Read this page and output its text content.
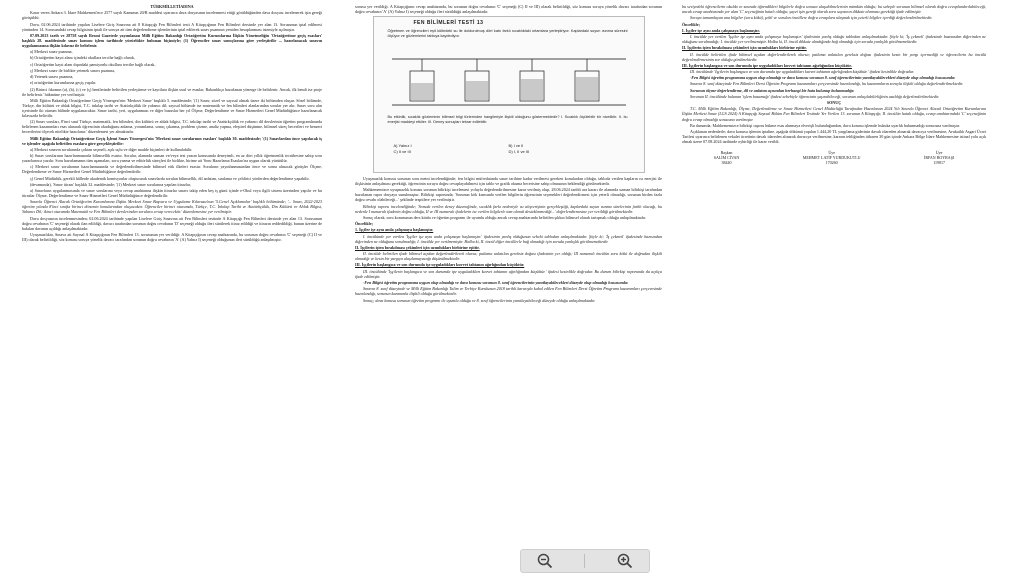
TÜRKMİLLETİADINA

Karar veren Ankara 3. İdare Mahkemesi'nce 2577 sayılı Kanunun 20/B maddesi uyarınca dava dosyasının incelenmesi ettiği görüldüğünden dava dosyası incelenerek işin gereği görüşüldü:

Dava, 02.06.2024 tarihinde yapılan Liselere Giriş Sınavına ait 8 Kitapçığı Fen Bilimleri testi A Kitapçığının Fen Bilimleri dersinde yer alan 13. Sorusunun iptal edilmesi yönünden 14. Sorusundaki cevap bilgisinin iptali ile soruya ait tüm değerlendirme işlemlerinin iptal edilerek sınav puanının yeniden hesaplanması istemiyle açılmıştır.

07.09.2023 tarih ve 28758 sayılı Resmi Gazetede yayımlanan Milli Eğitim Bakanlığı Ortaöğretim Kurumlarına İlişkin Yönetmeliğin 'Ortaöğretime geçiş esasları' başlıklı 28. maddesinde sınav konusu işlem tarihinde yürürlükte bulunan biçimiyle; (1) Öğrenciler sınav sonuçlarına göre yerleştirilir ... hazırlanacak sınavın uygulanmasına ilişkin kılavuz ile belirlenir.

a) Merkezi sınav puanına,

b) Ortaöğretim kayıt alanı içindeki okullara tercihe bağlı olarak,

c) Ortaöğretim kayıt alanı dışındaki pansiyonlu okullara tercihe bağlı olarak,

ç) Merkezi sınav ile birlikte yetenek sınavı puanına,

d) Yetenek sınavı puanına,

e) ortaöğretim kurumlarına geçiş yapılır.

(2) Birinci fıkranın (a), (b), (c) ve (ç) bentlerinde belirtilen yerleştirme ve kayıtlara ilişkin usul ve esaslar, Bakanlıkça hazırlanan yönerge ile belirlenir. Ancak, ilk bendi ise proje ile belirlenir.' hükmüne yer verilmiştir.

Milli Eğitim Bakanlığı Ortaöğretime Geçiş Yönergesi'nin 'Merkezi Sınav' başlıklı 5. maddesinde; '(1) Sınav, sözel ve sayısal olmak üzere iki bölümden oluşur. Sözel bölümde, Türkçe, din kültürü ve ahlak bilgisi, T.C. inkılap tarihi ve Atatürkçülük ile yabancı dil; sayısal bölümde ise matematik ve fen bilimleri alanlarından sorular yer alır. Sınav soru alın içerisinde iki oturum hâlinde uygulanacaktır. Sınav tarihi, yeri, uygulanması ve diğer hususlar her yıl Ölçme, Değerlendirme ve Sınav Hizmetleri Genel Müdürlüğünce hazırlanacak kılavuzda belirtilir.

(2) Sınav soruları, 8'inci sınıf Türkçe, matematik, fen bilimleri, din kültürü ve ahlak bilgisi, T.C. inkılap tarihi ve Atatürkçülük ve yabancı dil derslerinin öğretim programlarında belirlenen kazanımları esas alınarak öğrencinin okuduğunu anlama, yorumlama, sonuç çıkarma, problem çözme, analiz yapma, eleştirel düşünme, bilimsel süreç becerileri ve benzeri becerilerini ölçecek nitelikte hazırlanır.' düzenlemesi yer almaktadır.

Milli Eğitim Bakanlığı Ortaöğretime Geçiş İşlemi Sınav Yönergesi'nin 'Merkezi sınav sorularının esasları' başlıklı 30. maddesinde; '(1) Sınavlardan önce yapılacak iş ve işlemler aşağıda belirtilen esaslara göre gerçekleştirilir:

a) Merkezi sınavın sorularında çoktan seçmeli, açık uçlu ve diğer madde biçimleri de kullanılabilir.

b) Sınav sorularının hazırlanmasında bilimsellik esastır. Sorular, alanında uzman ve/veya test yazım konusunda deneyimli, en az dört yıllık öğretmenlik tecrübesine sahip soru yazarlarınca yazılır. Soru hazırlamanın tüm aşamaları, soru yazma ve editörlük süreçleri ile birlikte, birime ait 'Soru Hazırlama Esasları'na uygun olarak yürütülür.

c) Merkezi sınav sorularının hazırlanmasında ve değerlendirilmesinde bilimsel etik ilkeleri esastır. Soruların yayınlanmasından önce ve sonra alınacak görüşler Ölçme, Değerlendirme ve Sınav Hizmetleri Genel Müdürlüğünce değerlendirilir.

ç) Genel Müdürlük, gerekli hâllerde akademik komisyonlar oluşturarak sınavlarda sorulan bilimsellik, dil anlatım, sıralama ve çeldirici yönlerden değerlendirme yapabilir.

(devamında), 'Sınav itirazı' başlıklı 32. maddesinde; '(1) Merkezi sınav sorularına yapılan itirazlar,

a) Sınavların uygulanmasında ve sınav sorularına veya cevap anahtarına ilişkin itirazlar sınavı takip eden beş iş günü içinde e-Okul veya ilgili sistem üzerinden yapılır ve bu itirazlar Ölçme, Değerlendirme ve Sınav Hizmetleri Genel Müdürlüğünce değerlendirilir.

Sınavla Öğrenci Alacak Ortaöğretim Kurumlarına İlişkin Merkezi Sınav Başvuru ve Uygulama Kılavuzu'nun '5.Genel Açıklamalar' başlıklı bölümünde; '... Sınav, 2022-2023 öğretim yılında 8'inci sınıfta birinci dönemin konularından oluşacaktır. Öğrenciler birinci oturumda, Türkçe, T.C. İnkılap Tarihi ve Atatürkçülük, Din Kültürü ve Ahlak Bilgisi, Yabancı Dil; ikinci oturumda Matematik ve Fen Bilimleri derslerinden sorulara cevap verecektir.' düzenlemesine yer verilmiştir.

Dava dosyasının incelenmesinden; 02.06.2024 tarihinde yapılan Liselere Giriş Sınavına ait Fen Bilimleri testinde A Kitapçığı Fen Bilimleri dersinde yer alan 13. Sorusunun doğru cevabının 'C' seçeneği olarak ilan edildiği, davacı tarafından sorunun doğru cevabının 'D' seçeneği olduğu ileri sürülerek itiraz edildiği ve itirazın reddedildiği, bunun üzerine de bakılan davanın açıldığı anlaşılmaktadır.

Uyuşmazlıkta, Sınava ait Sayısal A Kitapçığının Fen Bilimleri 13. sorusunun yer verildiği: A Kitapçığının cevap anahtarında, bu sorunun doğru cevabının 'C' seçeneği (C) II ve III) olarak belirtildiği, söz konusu soruya yönelik davacı tarafından sorunun doğru cevabının 'A' (A) Yalnız I) seçeneği olduğunun ileri sürüldüğü anlaşılmıştır.

sorusu yer verildiği. A Kitapçığının cevap anahtarında, bu sorunun doğru cevabının 'C' seçeneği (C) II ve III) olarak belirtildiği, söz konusu soruya yönelik davacı tarafından sorunun doğru cevabının 'A' (A) Yalnız I) seçeneği olduğu ileri sürüldüğü anlaşılmaktadır.

FEN BİLİMLERİ TESTİ 13
Öğretmen ve öğrencileri eşit kütledeki su ile doldurulmuş dört kabı farklı sıcaklıktaki ortamlara yerleştiriyor. Kaplardaki suyun ısınma süresini ölçüyor ve gözlemlerini tabloya kaydediyor.
Bu etkinlik, sıcaklık gözleminin bilimsel bilgi türlerinden hangileriyle ilişkili olduğunu göstermektedir? I. Sıcaklık ölçülebilir bir niceliktir. II. Isı enerjisi maddeyi etkiler. III. Deney sonuçları tekrar edilebilir.
A) Yalnız I	B) I ve II
C) II ve III	D) I, II ve III

Uyuşmazlık konusu sorunun soru metni incelendiğinde; fen bilgisi müfredatında sınav tarihine kadar verilmesi gereken konulardan olduğu, tabloda verilen kapların ısı enerjisi ile ilişkisinin anlaşılması gerektiği, öğrencinin soruyu doğru cevaplayabilmesi için tablo ve grafik okuma becerisine sahip olmasının beklendiği görülmektedir.

Mahkememizce uyuşmazlık konusu sorunun bilirkişi incelemesi yoluyla değerlendirilmesine karar verilmiş olup, 28.06.2024 tarihli ara kararı ile alanında uzman bilirkişi tarafından hazırlanan rapor dosyaya sunulmuştur. Bilirkişi raporunda; 'Sorunun kök kısmında verilen bilgilerin öğrencinin seçenekleri değerlendirmesi için yeterli olmadığı, sorunun birden fazla doğru cevabı olabileceği...' şeklinde tespitlere yer verilmiştir.

Bilirkişi raporu incelendiğinde; 'Soruda verilen deney düzeneğinde, sıcaklık farkı nedeniyle ısı alışverişinin gerçekleştiği, kaplardaki suyun ısınma sürelerinin farklı olacağı, bu nedenle I numaralı ifadenin doğru olduğu, II ve III numaralı ifadelerin ise verilen bilgilerle tam olarak desteklenmediği...' değerlendirmesine yer verildiği görülmektedir.

Sonuç olarak, soru konusunun ders kitabı ve öğretim programı ile uyumlu olduğu ancak cevap anahtarında belirtilen şıkkın bilimsel olarak tartışmalı olduğu anlaşılmaktadır.

Öncelikle;

1. İşçiler işe aynı anda çalışmaya başlamıştır.

I. öncülünde yer verilen 'İşçiler işe aynı anda çalışmaya başlamıştır.' ifadesinin yanlış olduğunun sebebi tablodan anlaşılmaktadır. Şöyle ki; 'İş çekmek' ifadesinde bazısından diğerinden ne olduğunu sorulmadığı; I. öncülde yer verilmemiştir. Halbu ki, II. öncül diğer öncüllerle bağ olmadığı için soruda yanlışlık görülmemektedir.

II. İşçilerin işten bırakılması çekimleri için uzunlukları birbirine eşittir.

II. öncülde belirtilen ifade bilimsel açıdan değerlendirilerek olursa; patlama anlatılan gereksiz doğası ifadesinin yer aldığı; III numaralı öncülün soru kökü ile doğrudan ilişkili olmadığı ve kesin bir yargıya ulaşılamayacağı düşünülmektedir.

III. İşçilerin başlangıca ve son durumda işe uyguladıkları kuvvet tahtanın ağırlığından küçüktür.

III. öncülünde 'İşçilerin başlangıca ve son durumda ipe uyguladıkları kuvvet tahtanın ağırlığından küçüktür.' ifadesi kesinlikle doğrudur. Bu durum bilirkişi raporunda da açıkça ifade edilmiştir.

-Fen Bilgisi öğretim programına uygun olup olmadığı ve dava konusu sorunun 8. sınıf öğrencilerinin yanıtlayabilecekleri düzeyde olup olmadığı hususunda:

Sınavın 8. sınıf düzeyinde ve Milli Eğitim Bakanlığı Talim ve Terbiye Kurulunun 2018 tarihli kararıyla kabul edilen Fen Bilimleri Dersi Öğretim Programı kazanımları çerçevesinde hazırlandığı, sorunun kazanımla ilişkili olduğu görülmektedir.

Sonuç; dava konusu sorunun öğretim programı ile uyumlu olduğu ve 8. sınıf öğrencilerinin yanıtlayabileceği düzeyde olduğu anlaşılmaktadır.

bu seviyedeki öğrencilerin okulda ve sınavda öğrendikleri bilgilerle doğru sonuca ulaşabilmelerinin mümkün olduğu; bu sebeple sorunun bilimsel olarak doğru cevaplandırılabileceği, ancak cevap anahtarında yer alan 'C' seçeneğinin hatalı olduğu; şayet işin gereği olarak soru sayısının dikkate alınması gerektiği ifade edilmiştir.

Soruya tamamlayan ana bilgiler (soru kökü), şekil ve sorulan öncüllere doğru cevaplara ulaşmak için yeterli bilgiler içerdiği değerlendirilmektedir.

Öncelikle;

I. İşçiler işe aynı anda çalışmaya başlamıştır.

I. öncülde yer verilen 'İşçiler işe aynı anda çalışmaya başlamıştır.' ifadesinin yanlış olduğu tablodan anlaşılmaktadır. Şöyle ki; 'İş çekmek' ifadesinde bazısından diğerinden ne olduğunu sorulmadığı; I. öncülde yer verilmemiştir. Halbu ki, II. öncül dikkate alındığında bağ olmadığı için soruda yanlışlık görülmemektedir.

II. İşçilerin işten bırakılması çekimleri için uzunlukları birbirine eşittir.

II. öncülde belirtilen ifade bilimsel açıdan değerlendirilerek olursa; patlama anlatılan gereksiz doğası ifadesinin kesin bir yargı içermediği ve öğrencilerin bu öncülü değerlendirmesinin zor olduğu görülmektedir.

III. İşçilerin başlangıca ve son durumda ipe uyguladıkları kuvvet tahtanın ağırlığından küçüktür.

III. öncülünde 'İşçilerin başlangıca ve son durumda ipe uyguladıkları kuvvet tahtanın ağırlığından küçüktür.' ifadesi kesinlikle doğrudur.

-Fen Bilgisi öğretim programına uygun olup olmadığı ve dava konusu sorunun 8. sınıf öğrencilerinin yanıtlayabilecekleri düzeyde olup olmadığı hususunda:

Sınavın 8. sınıf düzeyinde Fen Bilimleri Dersi Öğretim Programı kazanımları çerçevesinde hazırlandığı, bu kazanımların soruyla ilişkili olduğu değerlendirilmektedir.

Sorunun ölçme-değerlendirme, dil ve anlatım açısından herhangi bir hata bulunup bulunmadığı:

Sorunun II. öncülünde bulunan 'işlem basamağı' ifadesi sebebiyle öğrencinin şaşırabileceği, sorunun anlaşılabilirliğinin azaldığı değerlendirilmektedir.

SONUÇ

T.C. Milli Eğitim Bakanlığı, Ölçme, Değerlendirme ve Sınav Hizmetleri Genel Müdürlüğü Tarafından Hazırlanan 2024 Yılı Sınavla Öğrenci Alacak Ortaöğretim Kurumlarına İlişkin Merkezi Sınav (LGS 2024) A Kitapçığı Sayısal Bölüm Fen Bilimleri Testinde Yer Verilen 13. sorunun A Kitapçığı; II. öncülün hatalı olduğu, cevap anahtarındaki 'C' seçeneğinin doğru cevap olmadığı sonucuna varılmıştır.

Bu durumda; Mahkememizce bilirkişi raporu hükme esas alınmaya elverişli bulunduğundan, dava konusu işlemde hukuka uyarlık bulunmadığı sonucuna varılmıştır.

Açıklanan nedenlerle; dava konusu işlemin iptaline, aşağıda dökümü yapılan 1.444,20 TL yargılama giderinin davalı idareden alınarak davacıya verilmesine, Avukatlık Asgari Ücret Tarifesi uyarınca belirlenen vekalet ücretinin davalı idareden alınarak davacıya verilmesine, kararın tebliğinden itibaren 30 gün içinde Ankara Bölge İdare Mahkemesine istinaf yolu açık olmak üzere 07.08.2024 tarihinde oybirliği ile karar verildi.

Başkan
SALİM CİVAN
38440
Üye
MEHMET LATİF YURDUKUTLU
170260
Üye
İRFAN BOYRAŞI
119817
